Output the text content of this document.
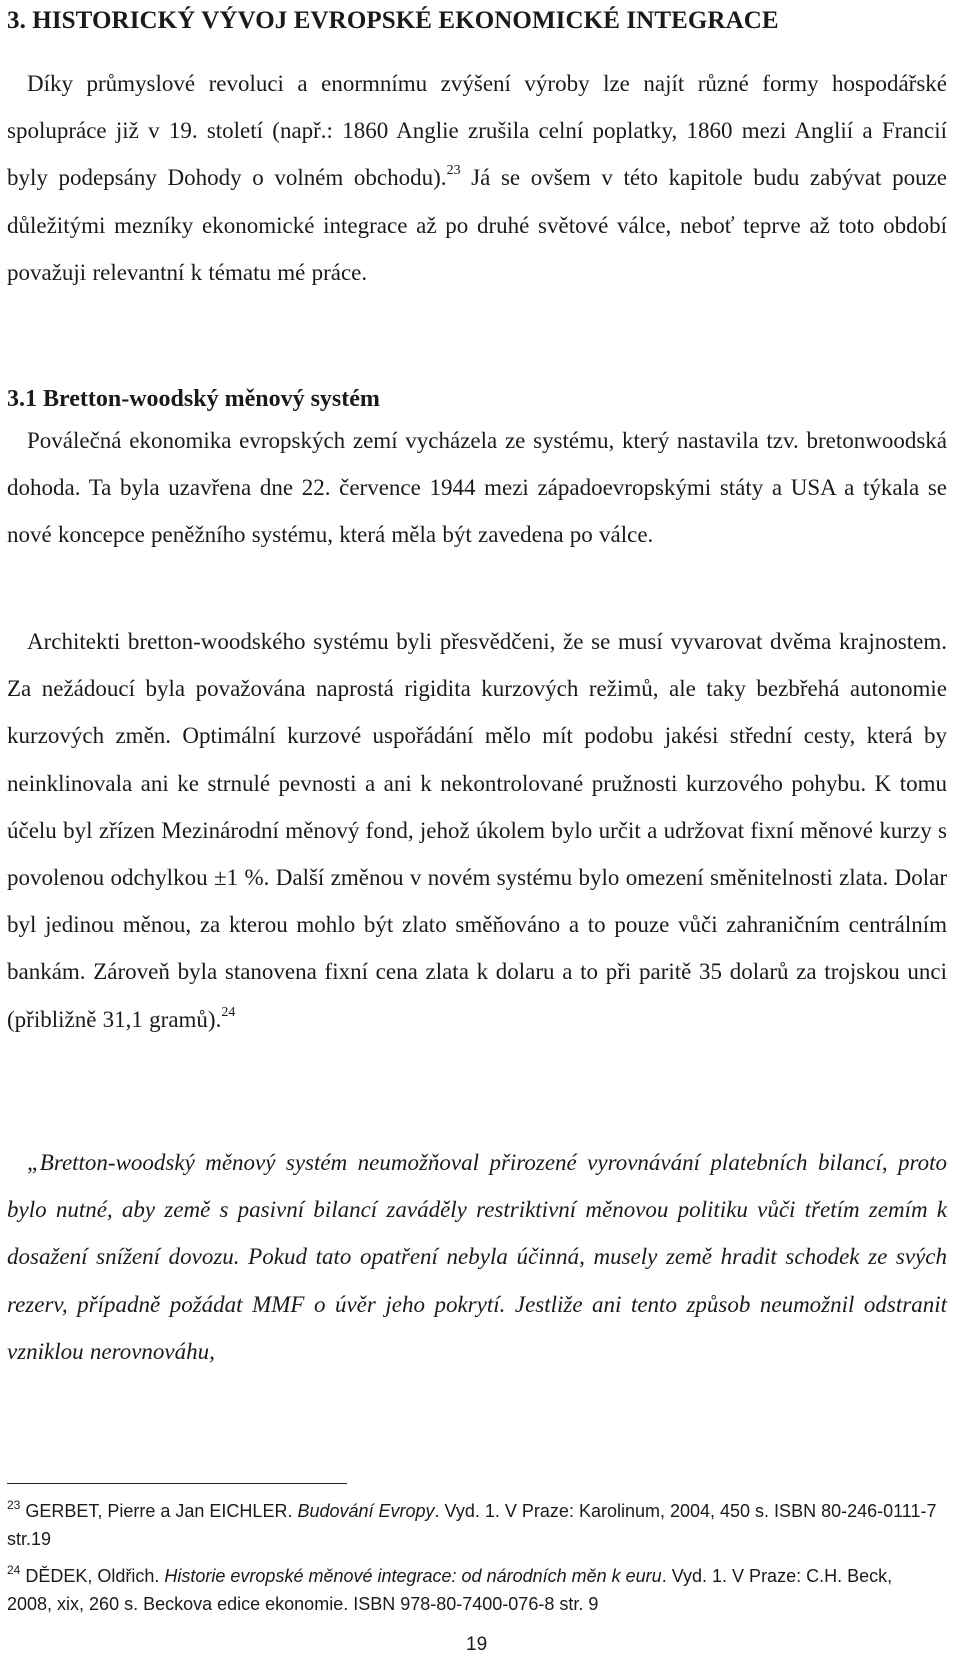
3. HISTORICKÝ VÝVOJ EVROPSKÉ EKONOMICKÉ INTEGRACE

Díky průmyslové revoluci a enormnímu zvýšení výroby lze najít různé formy hospodářské spolupráce již v 19. století (např.: 1860 Anglie zrušila celní poplatky, 1860 mezi Anglií a Francií byly podepsány Dohody o volném obchodu).$^{23}$ Já se ovšem v této kapitole budu zabývat pouze důležitými mezníky ekonomické integrace až po druhé světové válce, neboť teprve až toto období považuji relevantní k tématu mé práce.

3.1 Bretton-woodský měnový systém

Poválečná ekonomika evropských zemí vycházela ze systému, který nastavila tzv. bretonwoodská dohoda. Ta byla uzavřena dne 22. července 1944 mezi západoevropskými státy a USA a týkala se nové koncepce peněžního systému, která měla být zavedena po válce.

Architekti bretton-woodského systému byli přesvědčeni, že se musí vyvarovat dvěma krajnostem. Za nežádoucí byla považována naprostá rigidita kurzových režimů, ale taky bezbřehá autonomie kurzových změn. Optimální kurzové uspořádání mělo mít podobu jakési střední cesty, která by neinklinovala ani ke strnulé pevnosti a ani k nekontrolované pružnosti kurzového pohybu. K tomu účelu byl zřízen Mezinárodní měnový fond, jehož úkolem bylo určit a udržovat fixní měnové kurzy s povolenou odchylkou ±1 %. Další změnou v novém systému bylo omezení směnitelnosti zlata. Dolar byl jedinou měnou, za kterou mohlo být zlato směňováno a to pouze vůči zahraničním centrálním bankám. Zároveň byla stanovena fixní cena zlata k dolaru a to při paritě 35 dolarů za trojskou unci (přibližně 31,1 gramů).$^{24}$

„Bretton-woodský měnový systém neumožňoval přirozené vyrovnávání platebních bilancí, proto bylo nutné, aby země s pasivní bilancí zaváděly restriktivní měnovou politiku vůči třetím zemím k dosažení snížení dovozu. Pokud tato opatření nebyla účinná, musely země hradit schodek ze svých rezerv, případně požádat MMF o úvěr jeho pokrytí. Jestliže ani tento způsob neumožnil odstranit vzniklou nerovnováhu,

$^{23}$ GERBET, Pierre a Jan EICHLER. Budování Evropy. Vyd. 1. V Praze: Karolinum, 2004, 450 s. ISBN 80-246-0111-7 str.19
$^{24}$ DĚDEK, Oldřich. Historie evropské měnové integrace: od národních měn k euru. Vyd. 1. V Praze: C.H. Beck, 2008, xix, 260 s. Beckova edice ekonomie. ISBN 978-80-7400-076-8 str. 9
19
